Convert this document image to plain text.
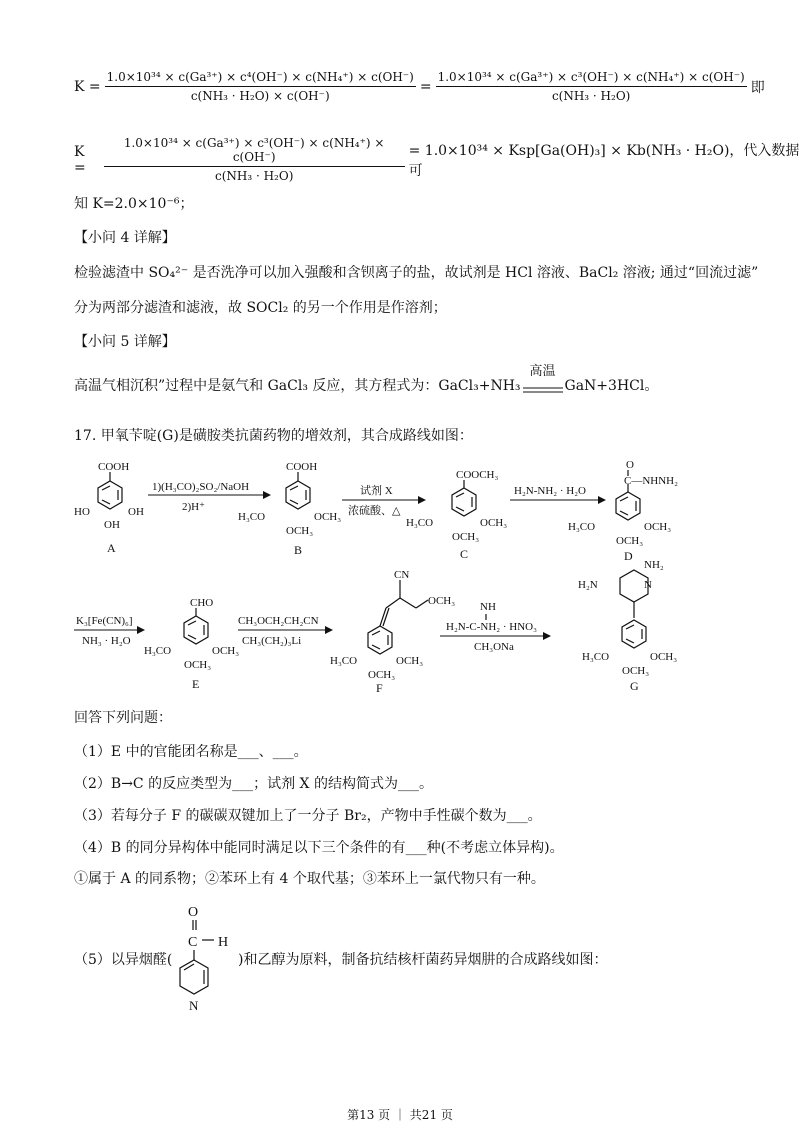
$K = \frac{\text{1.0×10³⁴ × c(Ga³⁺) × c⁴(OH⁻) × c(NH₄⁺) × c(OH⁻)}}{\text{c(NH₃ · H₂O) × c(OH⁻)}} = \frac{\text{1.0×10³⁴ × c(Ga³⁺) × c³(OH⁻) × c(NH₄⁺) × c(OH⁻)}}{\text{c(NH₃ · H₂O)}}$ 即
K =	$\frac{\text{1.0×10³⁴ × c(Ga³⁺) × c³(OH⁻) × c(NH₄⁺) × c(OH⁻)}}{\text{c(NH₃ · H₂O)}} = 1.0\times 10^{34} \times Ksp[Ga(OH)_3] \times Kb(NH_3 \cdot H_2O)$，代入数据可
知 K=2.0×10⁻⁶；
【小问 4 详解】
检验滤渣中 SO₄²⁻ 是否洗净可以加入强酸和含钡离子的盐，故试剂是 HCl 溶液、BaCl₂ 溶液; 通过“回流过滤”
分为两部分滤渣和滤液，故 SOCl₂ 的另一个作用是作溶剂；
【小问 5 详解】
高温气相沉积”过程中是氨气和 GaCl₃ 反应，其方程式为：GaCl₃+NH₃
高温
GaN+3HCl。
17. 甲氧苄啶(G)是磺胺类抗菌药物的增效剂，其合成路线如图：
COOH
HO
OH
OH
A
1)(H₃CO)₂SO₂/NaOH
2)H⁺
COOH
H₃CO
OCH₃
OCH₃
B
试剂 X
浓硫酸、△
COOCH₃
H₃CO
OCH₃
OCH₃
C
H₂N-NH₂ · H₂O
O
C—NHNH₂
H₃CO
OCH₃
OCH₃
D
K₃[Fe(CN)₆]
NH₃ · H₂O
CHO
H₃CO
OCH₃
OCH₃
E
CH₃OCH₂CH₂CN
CH₃(CH₂)₃Li
CN
OCH₃
H₃CO
OCH₃
OCH₃
F
NH
H₂N-C-NH₂ · HNO₃
CH₃ONa
NH₂
H₂N	N
H₃CO
OCH₃
OCH₃
G
回答下列问题：
（1）E 中的官能团名称是___、___。
（2）B→C 的反应类型为___；试剂 X 的结构简式为___。
（3）若每分子 F 的碳碳双键加上了一分子 Br₂，产物中手性碳个数为___。
（4）B 的同分异构体中能同时满足以下三个条件的有___种(不考虑立体异构)。
①属于 A 的同系物；②苯环上有 4 个取代基；③苯环上一氯代物只有一种。
（5）以异烟醛(
O
C H
N
)和乙醇为原料，制备抗结核杆菌药异烟肼的合成路线如图：
第13 页 ｜ 共21 页
